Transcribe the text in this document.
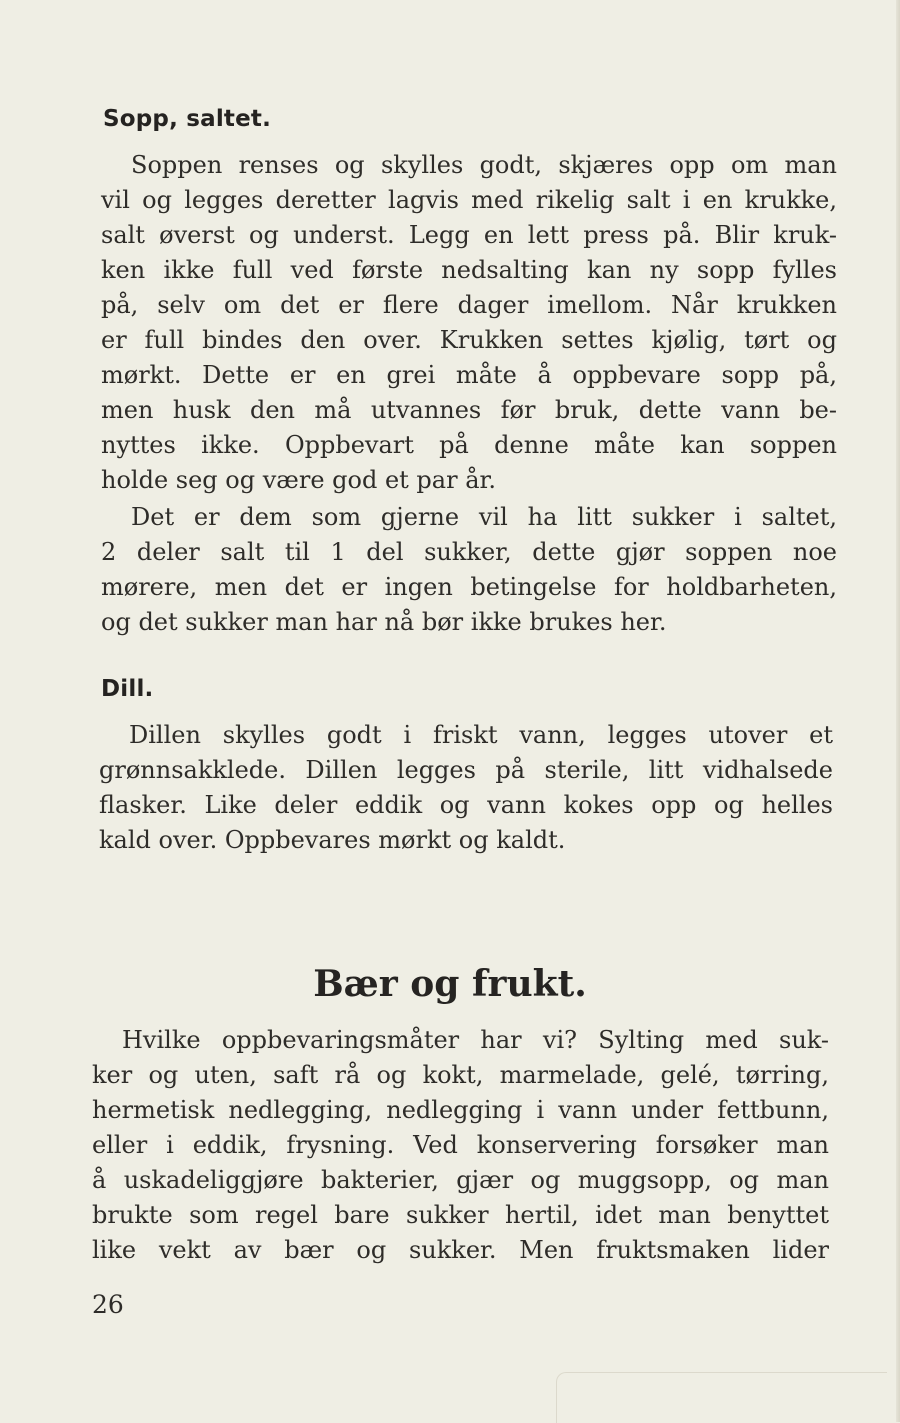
Sopp, saltet.
Soppen renses og skylles godt, skjæres opp om man
vil og legges deretter lagvis med rikelig salt i en krukke,
salt øverst og underst. Legg en lett press på. Blir kruk-
ken ikke full ved første nedsalting kan ny sopp fylles
på, selv om det er flere dager imellom. Når krukken
er full bindes den over. Krukken settes kjølig, tørt og
mørkt. Dette er en grei måte å oppbevare sopp på,
men husk den må utvannes før bruk, dette vann be-
nyttes ikke. Oppbevart på denne måte kan soppen
holde seg og være god et par år.
Det er dem som gjerne vil ha litt sukker i saltet,
2 deler salt til 1 del sukker, dette gjør soppen noe
mørere, men det er ingen betingelse for holdbarheten,
og det sukker man har nå bør ikke brukes her.
Dill.
Dillen skylles godt i friskt vann, legges utover et
grønnsakklede. Dillen legges på sterile, litt vidhalsede
flasker. Like deler eddik og vann kokes opp og helles
kald over. Oppbevares mørkt og kaldt.
Bær og frukt.
Hvilke oppbevaringsmåter har vi? Sylting med suk-
ker og uten, saft rå og kokt, marmelade, gelé, tørring,
hermetisk nedlegging, nedlegging i vann under fettbunn,
eller i eddik, frysning. Ved konservering forsøker man
å uskadeliggjøre bakterier, gjær og muggsopp, og man
brukte som regel bare sukker hertil, idet man benyttet
like vekt av bær og sukker. Men fruktsmaken lider
26
